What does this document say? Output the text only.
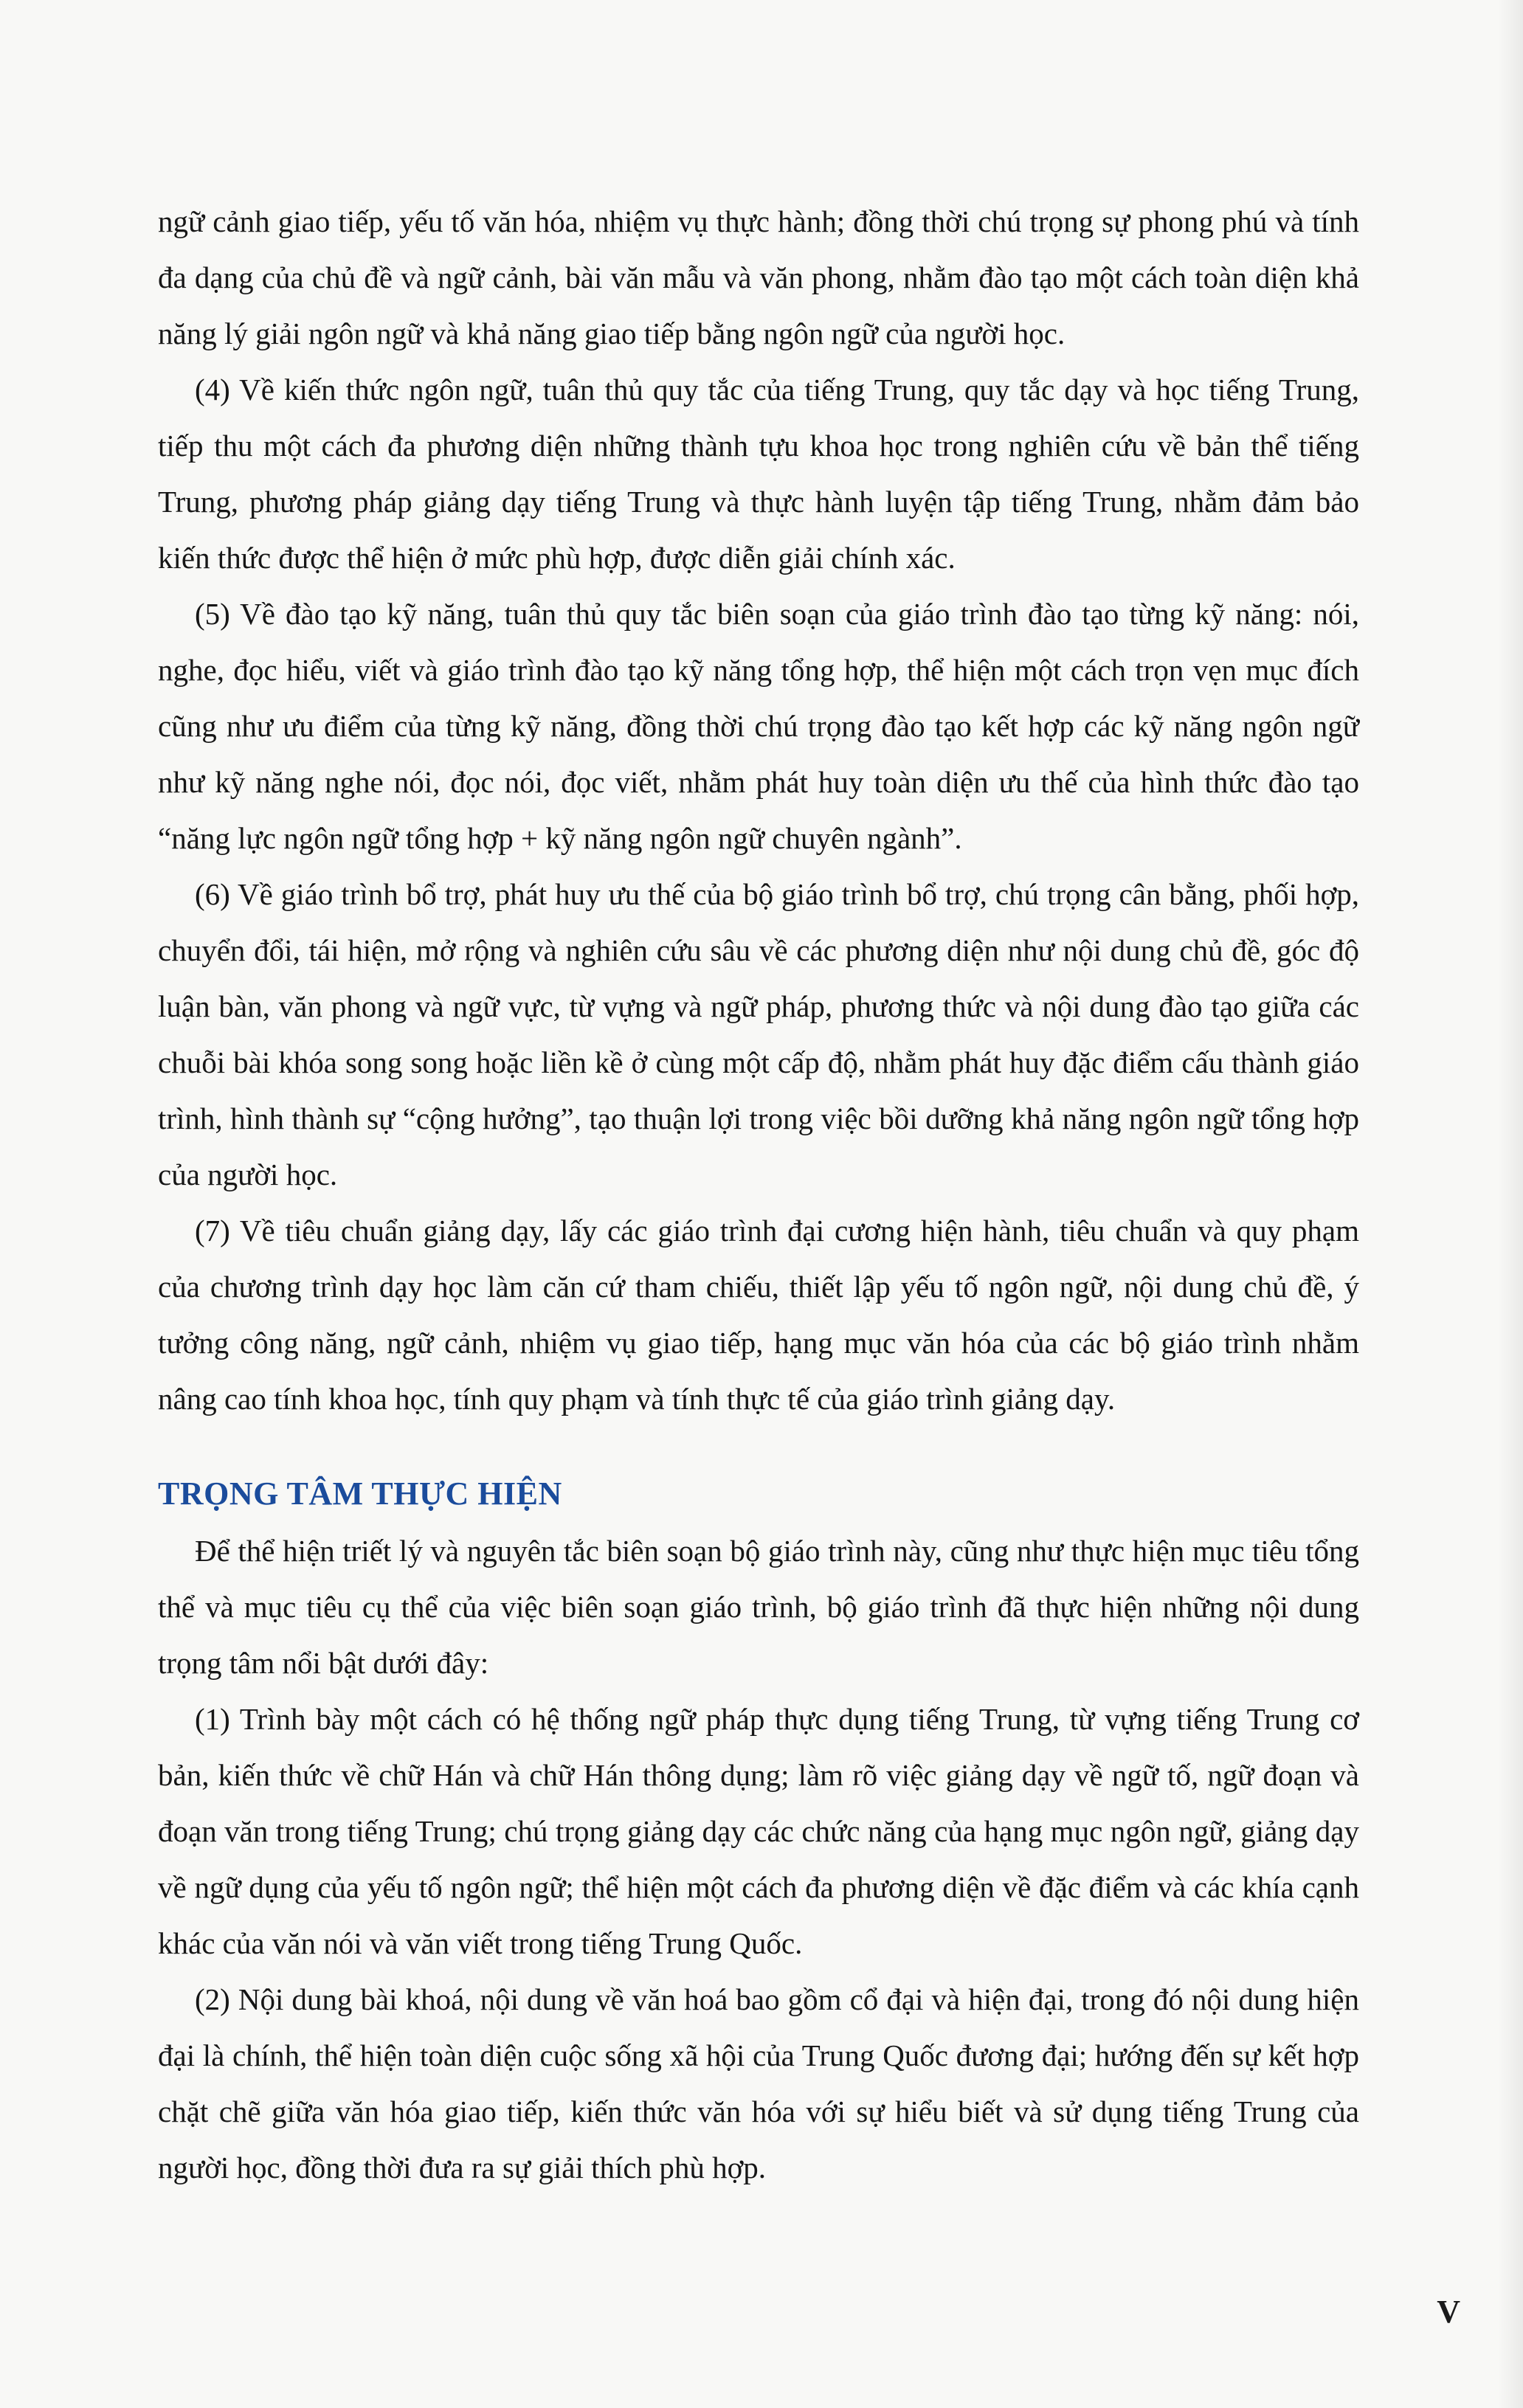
ngữ cảnh giao tiếp, yếu tố văn hóa, nhiệm vụ thực hành; đồng thời chú trọng sự phong phú và tính đa dạng của chủ đề và ngữ cảnh, bài văn mẫu và văn phong, nhằm đào tạo một cách toàn diện khả năng lý giải ngôn ngữ và khả năng giao tiếp bằng ngôn ngữ của người học.

(4) Về kiến thức ngôn ngữ, tuân thủ quy tắc của tiếng Trung, quy tắc dạy và học tiếng Trung, tiếp thu một cách đa phương diện những thành tựu khoa học trong nghiên cứu về bản thể tiếng Trung, phương pháp giảng dạy tiếng Trung và thực hành luyện tập tiếng Trung, nhằm đảm bảo kiến thức được thể hiện ở mức phù hợp, được diễn giải chính xác.

(5) Về đào tạo kỹ năng, tuân thủ quy tắc biên soạn của giáo trình đào tạo từng kỹ năng: nói, nghe, đọc hiểu, viết và giáo trình đào tạo kỹ năng tổng hợp, thể hiện một cách trọn vẹn mục đích cũng như ưu điểm của từng kỹ năng, đồng thời chú trọng đào tạo kết hợp các kỹ năng ngôn ngữ như kỹ năng nghe nói, đọc nói, đọc viết, nhằm phát huy toàn diện ưu thế của hình thức đào tạo “năng lực ngôn ngữ tổng hợp + kỹ năng ngôn ngữ chuyên ngành”.

(6) Về giáo trình bổ trợ, phát huy ưu thế của bộ giáo trình bổ trợ, chú trọng cân bằng, phối hợp, chuyển đổi, tái hiện, mở rộng và nghiên cứu sâu về các phương diện như nội dung chủ đề, góc độ luận bàn, văn phong và ngữ vực, từ vựng và ngữ pháp, phương thức và nội dung đào tạo giữa các chuỗi bài khóa song song hoặc liền kề ở cùng một cấp độ, nhằm phát huy đặc điểm cấu thành giáo trình, hình thành sự “cộng hưởng”, tạo thuận lợi trong việc bồi dưỡng khả năng ngôn ngữ tổng hợp của người học.

(7) Về tiêu chuẩn giảng dạy, lấy các giáo trình đại cương hiện hành, tiêu chuẩn và quy phạm của chương trình dạy học làm căn cứ tham chiếu, thiết lập yếu tố ngôn ngữ, nội dung chủ đề, ý tưởng công năng, ngữ cảnh, nhiệm vụ giao tiếp, hạng mục văn hóa của các bộ giáo trình nhằm nâng cao tính khoa học, tính quy phạm và tính thực tế của giáo trình giảng dạy.

TRỌNG TÂM THỰC HIỆN

Để thể hiện triết lý và nguyên tắc biên soạn bộ giáo trình này, cũng như thực hiện mục tiêu tổng thể và mục tiêu cụ thể của việc biên soạn giáo trình, bộ giáo trình đã thực hiện những nội dung trọng tâm nổi bật dưới đây:

(1) Trình bày một cách có hệ thống ngữ pháp thực dụng tiếng Trung, từ vựng tiếng Trung cơ bản, kiến thức về chữ Hán và chữ Hán thông dụng; làm rõ việc giảng dạy về ngữ tố, ngữ đoạn và đoạn văn trong tiếng Trung; chú trọng giảng dạy các chức năng của hạng mục ngôn ngữ, giảng dạy về ngữ dụng của yếu tố ngôn ngữ; thể hiện một cách đa phương diện về đặc điểm và các khía cạnh khác của văn nói và văn viết trong tiếng Trung Quốc.

(2) Nội dung bài khoá, nội dung về văn hoá bao gồm cổ đại và hiện đại, trong đó nội dung hiện đại là chính, thể hiện toàn diện cuộc sống xã hội của Trung Quốc đương đại; hướng đến sự kết hợp chặt chẽ giữa văn hóa giao tiếp, kiến thức văn hóa với sự hiểu biết và sử dụng tiếng Trung của người học, đồng thời đưa ra sự giải thích phù hợp.

V
